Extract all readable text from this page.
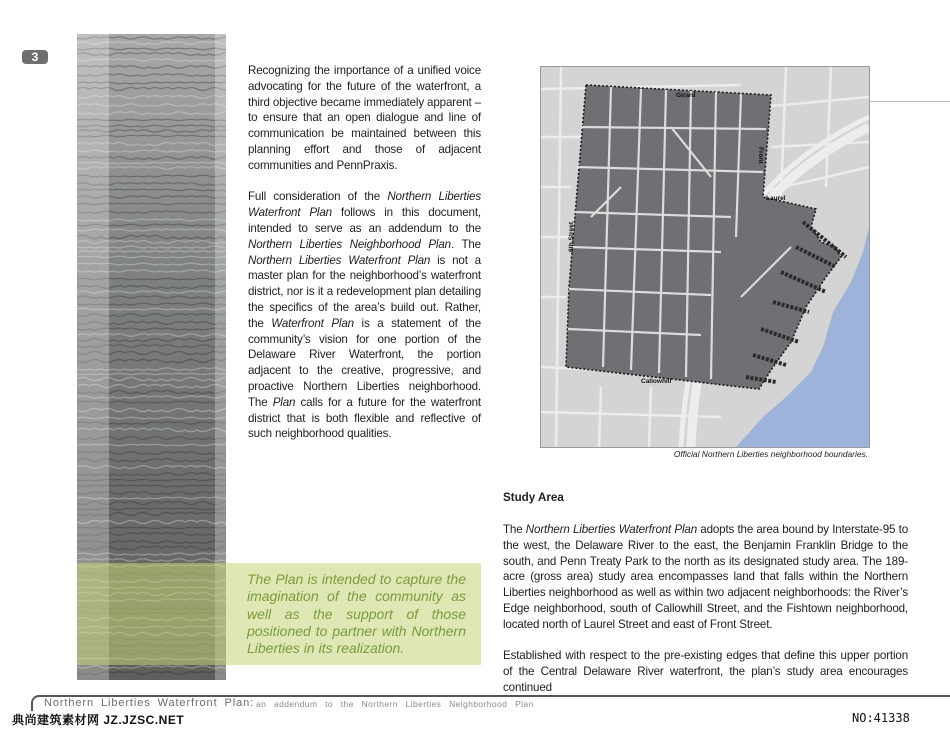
3
The Plan is intended to capture the imagination of the community as well as the support of those positioned to partner with Northern Liberties in its realization.

Recognizing the importance of a unified voice advocating for the future of the waterfront, a third objective became immediately apparent – to ensure that an open dialogue and line of communication be maintained between this planning effort and those of adjacent communities and PennPraxis.

Full consideration of the Northern Liberties Waterfront Plan follows in this document, intended to serve as an addendum to the Northern Liberties Neighborhood Plan. The Northern Liberties Waterfront Plan is not a master plan for the neighborhood’s waterfront district, nor is it a redevelopment plan detailing the specifics of the area’s build out. Rather, the Waterfront Plan is a statement of the community’s vision for one portion of the Delaware River Waterfront, the portion adjacent to the creative, progressive, and proactive Northern Liberties neighborhood. The Plan calls for a future for the waterfront district that is both flexible and reflective of such neighborhood qualities.

Girard
Laurel
Callowhill
6th Street
Front
Official Northern Liberties neighborhood boundaries.
Study Area

The Northern Liberties Waterfront Plan adopts the area bound by Interstate-95 to the west, the Delaware River to the east, the Benjamin Franklin Bridge to the south, and Penn Treaty Park to the north as its designated study area. The 189-acre (gross area) study area encompasses land that falls within the Northern Liberties neighborhood as well as within two adjacent neighborhoods: the River’s Edge neighborhood, south of Callowhill Street, and the Fishtown neighborhood, located north of Laurel Street and east of Front Street.

Established with respect to the pre-existing edges that define this upper portion of the Central Delaware River waterfront, the plan’s study area encourages continued

Northern Liberties Waterfront Plan: an addendum to the Northern Liberties Neighborhood Plan
典尚建筑素材网 JZ.JZSC.NET	NO:41338
